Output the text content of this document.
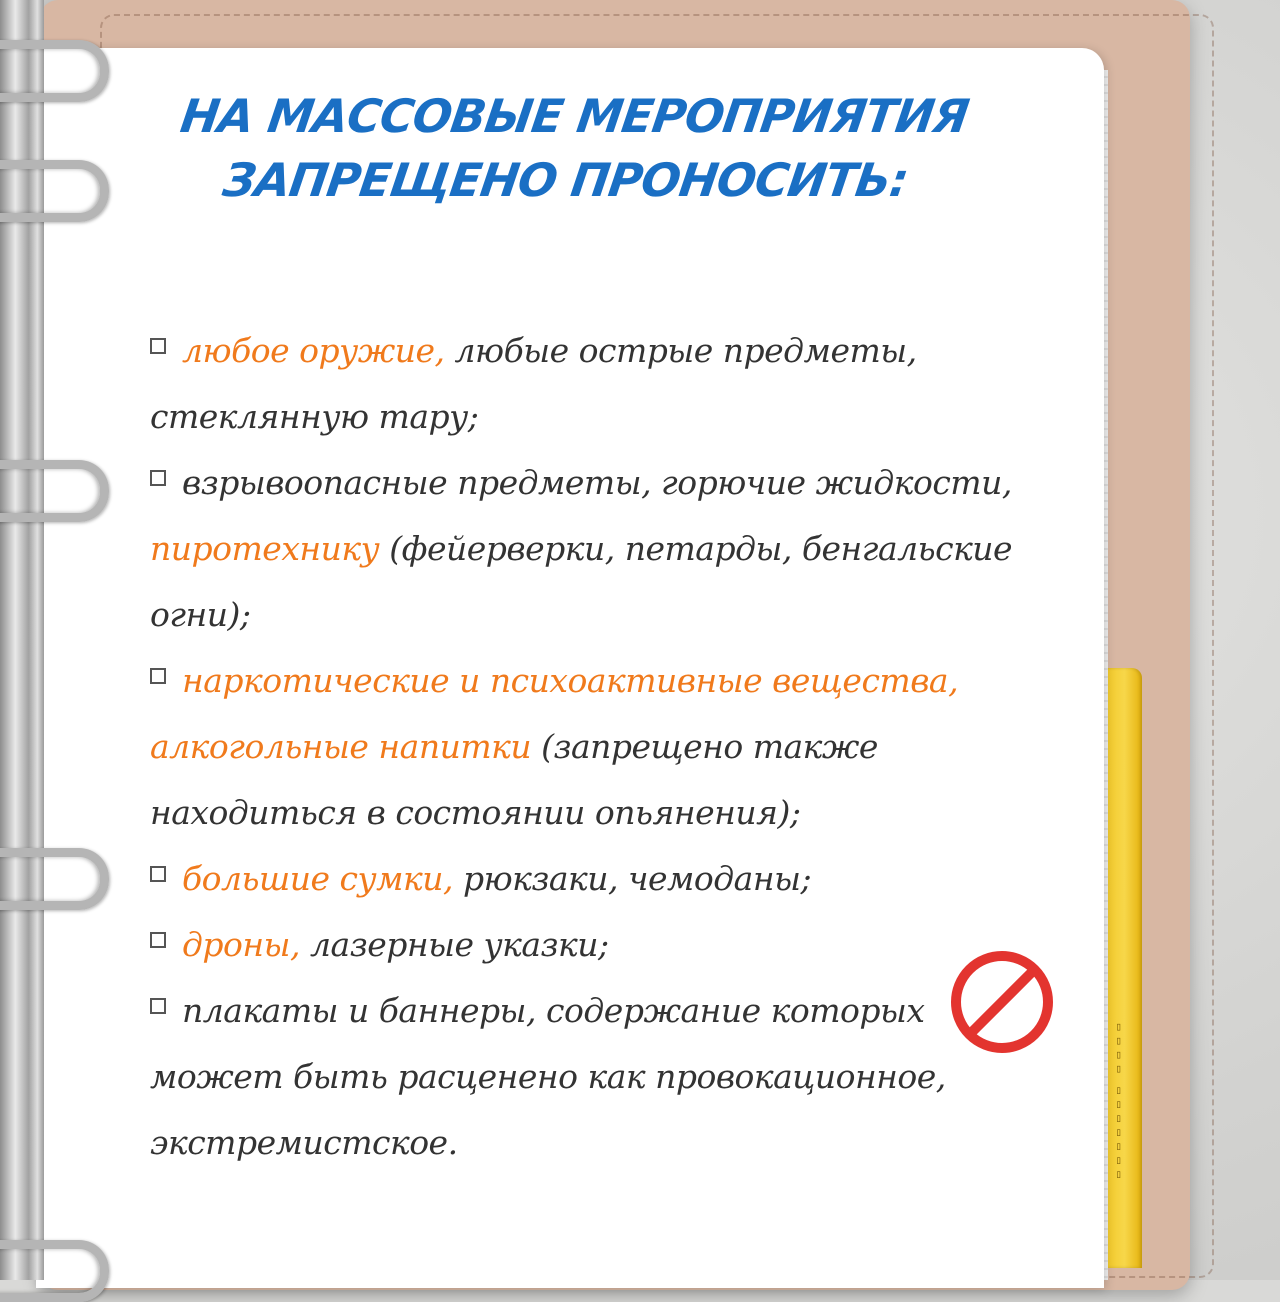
▯▯▯▯ ▯▯▯▯▯▯▯
НА МАССОВЫЕ МЕРОПРИЯТИЯ
ЗАПРЕЩЕНО ПРОНОСИТЬ:
любое оружие, любые острые предметы, стеклянную тару;
взрывоопасные предметы, горючие жидкости, пиротехнику (фейерверки, петарды, бенгальские огни);
наркотические и психоактивные вещества, алкогольные напитки (запрещено также находиться в состоянии опьянения);
большие сумки, рюкзаки, чемоданы;
дроны, лазерные указки;
плакаты и баннеры, содержание которых может быть расценено как провокационное, экстремистское.
